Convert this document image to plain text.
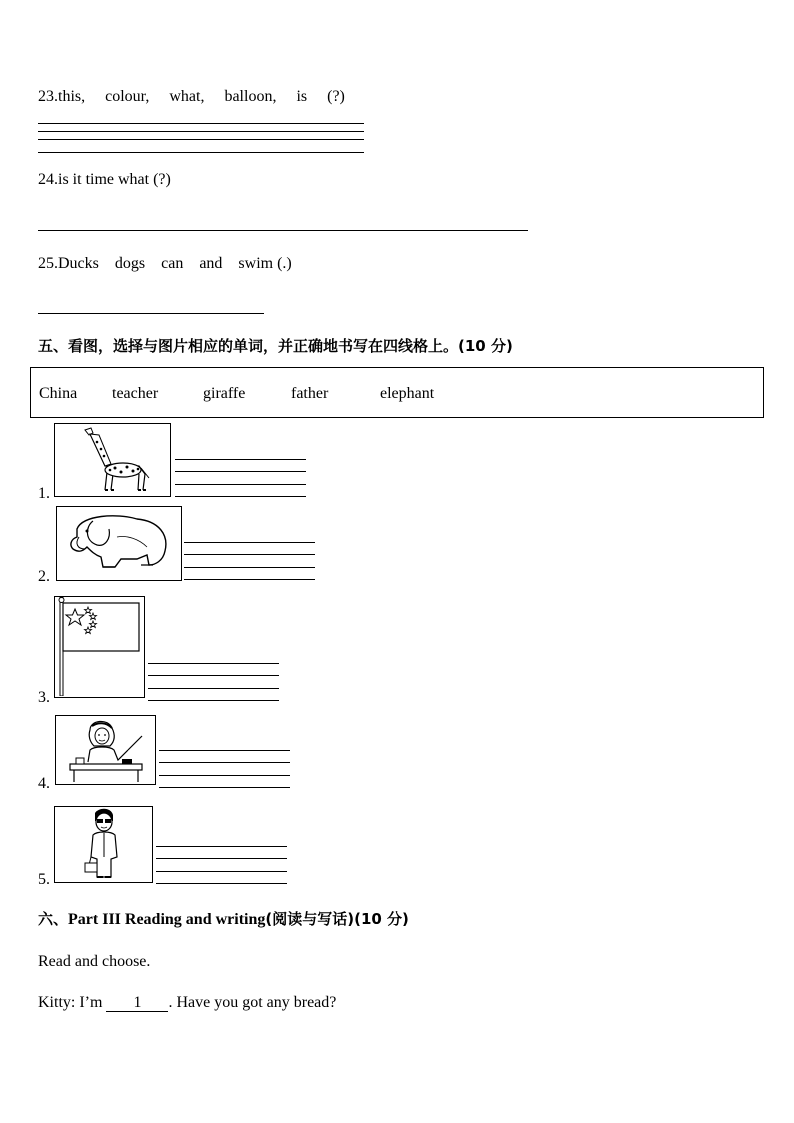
23.this,     colour,     what,     balloon,     is     (?)
24.is it time what (?)
25.Ducks    dogs    can    and    swim (.)
五、看图，选择与图片相应的单词，并正确地书写在四线格上。(10 分)
China teacher	giraffe	father	elephant
1.
2.
3.
4.
5.
六、Part III Reading and writing(阅读与写话)(10 分)
Read and choose.
Kitty: I’m 1 . Have you got any bread?
